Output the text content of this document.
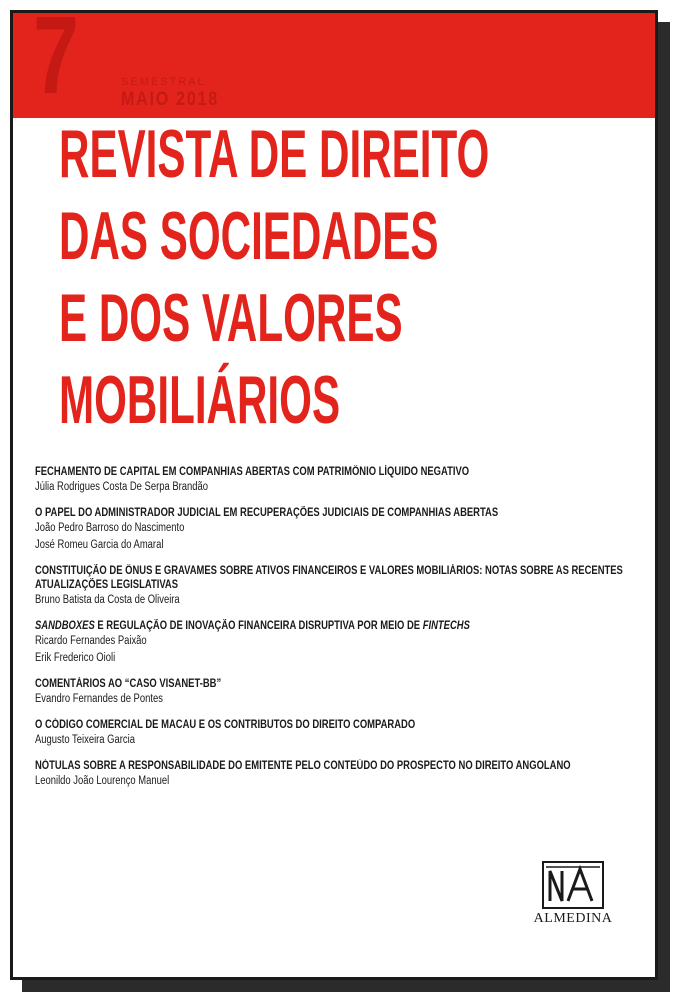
7	SEMESTRAL
MAIO 2018
REVISTA DE DIREITO
DAS SOCIEDADES
E DOS VALORES
MOBILIÁRIOS
FECHAMENTO DE CAPITAL EM COMPANHIAS ABERTAS COM PATRIMÔNIO LÍQUIDO NEGATIVO
Júlia Rodrigues Costa De Serpa Brandão
O PAPEL DO ADMINISTRADOR JUDICIAL EM RECUPERAÇÕES JUDICIAIS DE COMPANHIAS ABERTAS
João Pedro Barroso do Nascimento
José Romeu Garcia do Amaral
CONSTITUIÇÃO DE ÔNUS E GRAVAMES SOBRE ATIVOS FINANCEIROS E VALORES MOBILIÁRIOS: NOTAS SOBRE AS RECENTES
ATUALIZAÇÕES LEGISLATIVAS
Bruno Batista da Costa de Oliveira
SANDBOXES E REGULAÇÃO DE INOVAÇÃO FINANCEIRA DISRUPTIVA POR MEIO DE FINTECHS
Ricardo Fernandes Paixão
Erik Frederico Oioli
COMENTÁRIOS AO “CASO VISANET-BB”
Evandro Fernandes de Pontes
O CÓDIGO COMERCIAL DE MACAU E OS CONTRIBUTOS DO DIREITO COMPARADO
Augusto Teixeira Garcia
NÓTULAS SOBRE A RESPONSABILIDADE DO EMITENTE PELO CONTEÚDO DO PROSPECTO NO DIREITO ANGOLANO
Leonildo João Lourenço Manuel
ALMEDINA
